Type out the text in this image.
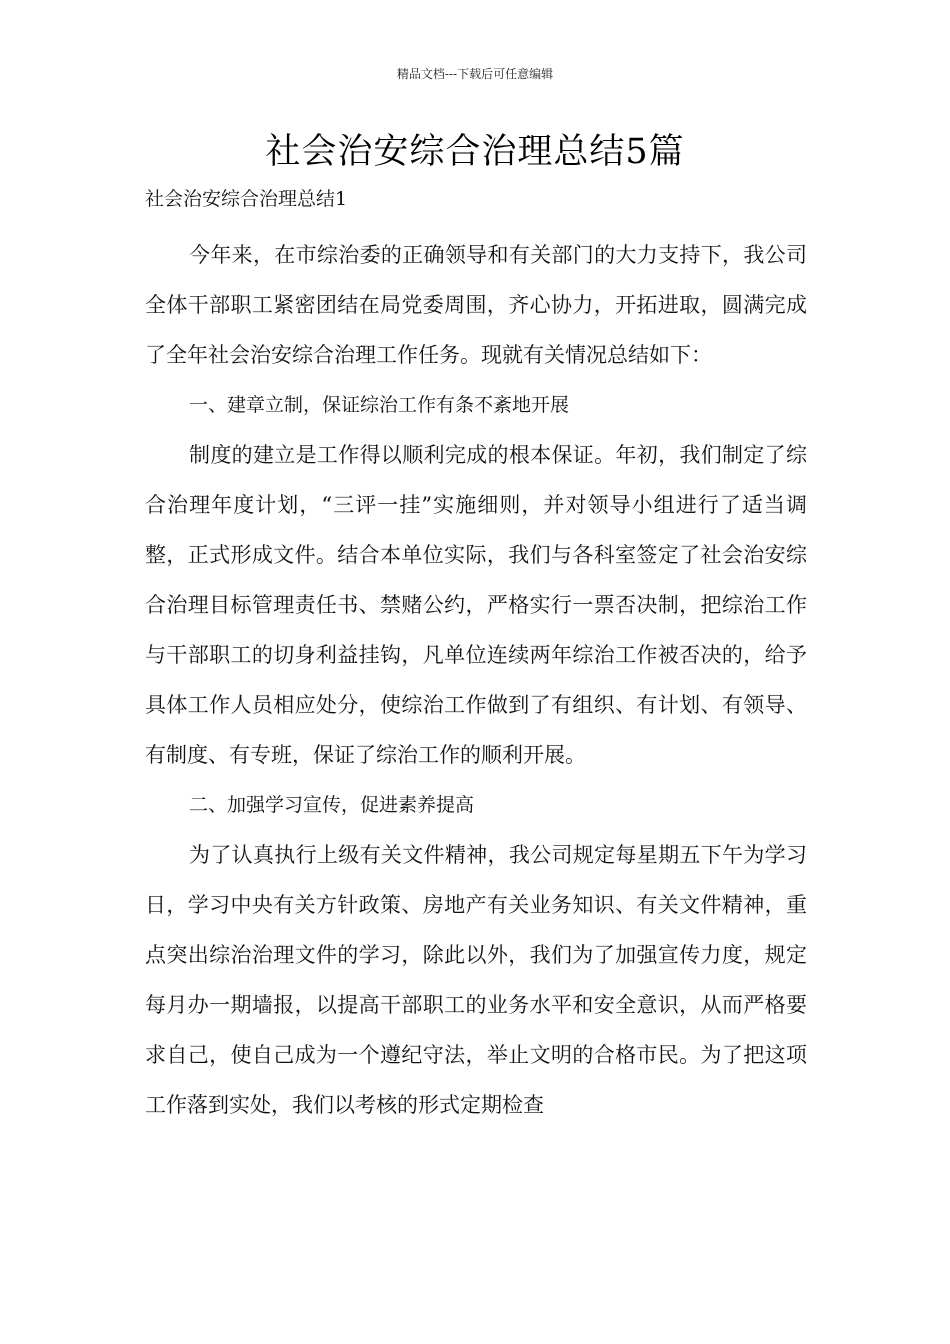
精品文档---下载后可任意编辑
社会治安综合治理总结5篇
社会治安综合治理总结1

今年来，在市综治委的正确领导和有关部门的大力支持下，我公司全体干部职工紧密团结在局党委周围，齐心协力，开拓进取，圆满完成了全年社会治安综合治理工作任务。现就有关情况总结如下：

一、建章立制，保证综治工作有条不紊地开展

制度的建立是工作得以顺利完成的根本保证。年初，我们制定了综合治理年度计划，“三评一挂”实施细则，并对领导小组进行了适当调整，正式形成文件。结合本单位实际，我们与各科室签定了社会治安综合治理目标管理责任书、禁赌公约，严格实行一票否决制，把综治工作与干部职工的切身利益挂钩，凡单位连续两年综治工作被否决的，给予具体工作人员相应处分，使综治工作做到了有组织、有计划、有领导、有制度、有专班，保证了综治工作的顺利开展。

二、加强学习宣传，促进素养提高

为了认真执行上级有关文件精神，我公司规定每星期五下午为学习日，学习中央有关方针政策、房地产有关业务知识、有关文件精神，重点突出综治治理文件的学习，除此以外，我们为了加强宣传力度，规定每月办一期墙报，以提高干部职工的业务水平和安全意识，从而严格要求自己，使自己成为一个遵纪守法，举止文明的合格市民。为了把这项工作落到实处，我们以考核的形式定期检查
